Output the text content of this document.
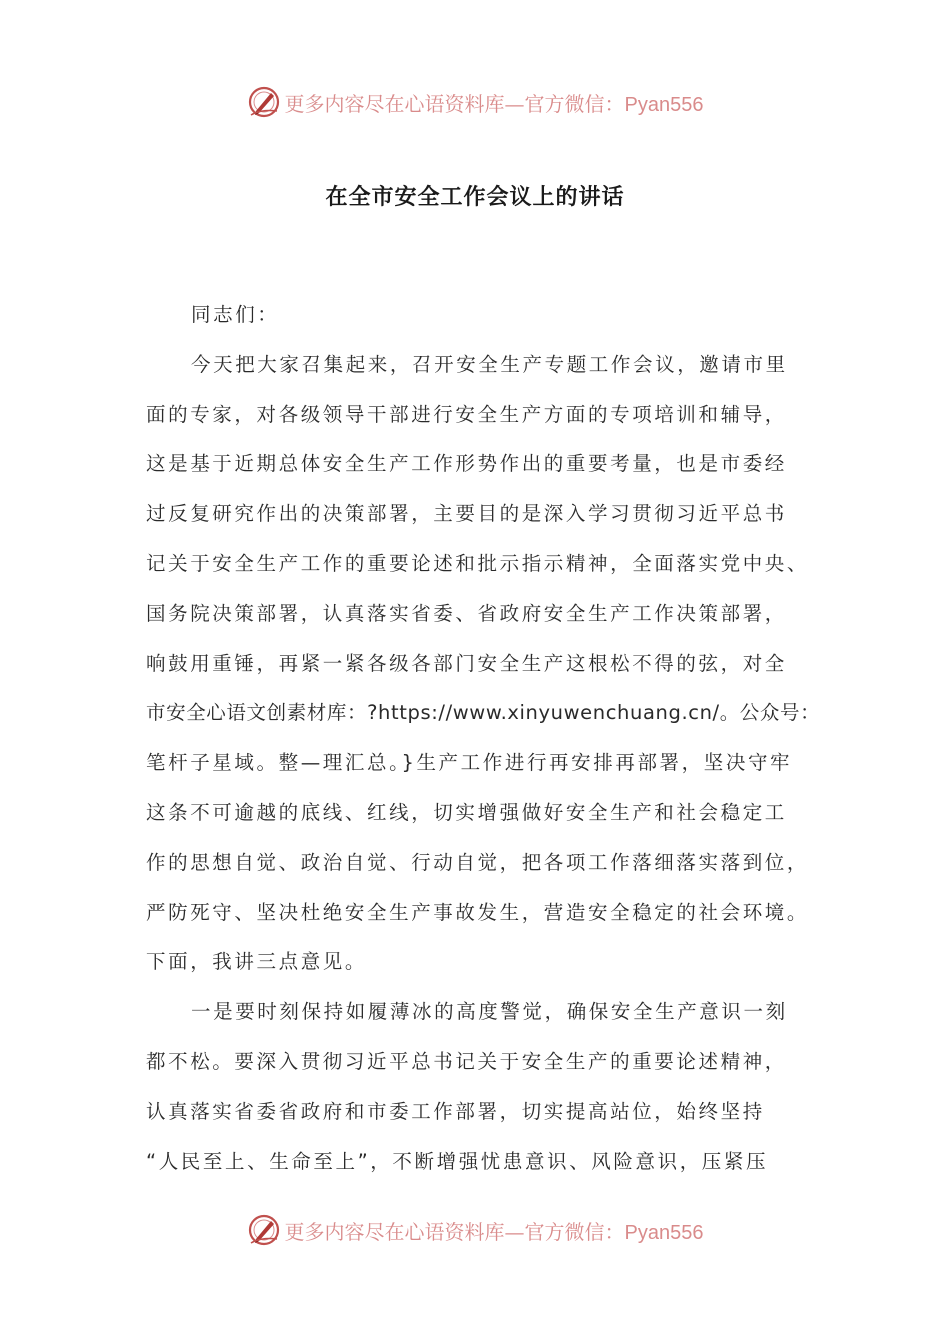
更多内容尽在心语资料库—官方微信：Pyan556
在全市安全工作会议上的讲话
同志们：
今天把大家召集起来，召开安全生产专题工作会议，邀请市里
面的专家，对各级领导干部进行安全生产方面的专项培训和辅导，
这是基于近期总体安全生产工作形势作出的重要考量，也是市委经
过反复研究作出的决策部署，主要目的是深入学习贯彻习近平总书
记关于安全生产工作的重要论述和批示指示精神，全面落实党中央、
国务院决策部署，认真落实省委、省政府安全生产工作决策部署，
响鼓用重锤，再紧一紧各级各部门安全生产这根松不得的弦，对全
市安全心语文创素材库：?https://www.xinyuwenchuang.cn/。公众号：
笔杆子星域。整—理汇总。}生产工作进行再安排再部署，坚决守牢
这条不可逾越的底线、红线，切实增强做好安全生产和社会稳定工
作的思想自觉、政治自觉、行动自觉，把各项工作落细落实落到位，
严防死守、坚决杜绝安全生产事故发生，营造安全稳定的社会环境。
下面，我讲三点意见。
一是要时刻保持如履薄冰的高度警觉，确保安全生产意识一刻
都不松。要深入贯彻习近平总书记关于安全生产的重要论述精神，
认真落实省委省政府和市委工作部署，切实提高站位，始终坚持
“人民至上、生命至上”，不断增强忧患意识、风险意识，压紧压
更多内容尽在心语资料库—官方微信：Pyan556
